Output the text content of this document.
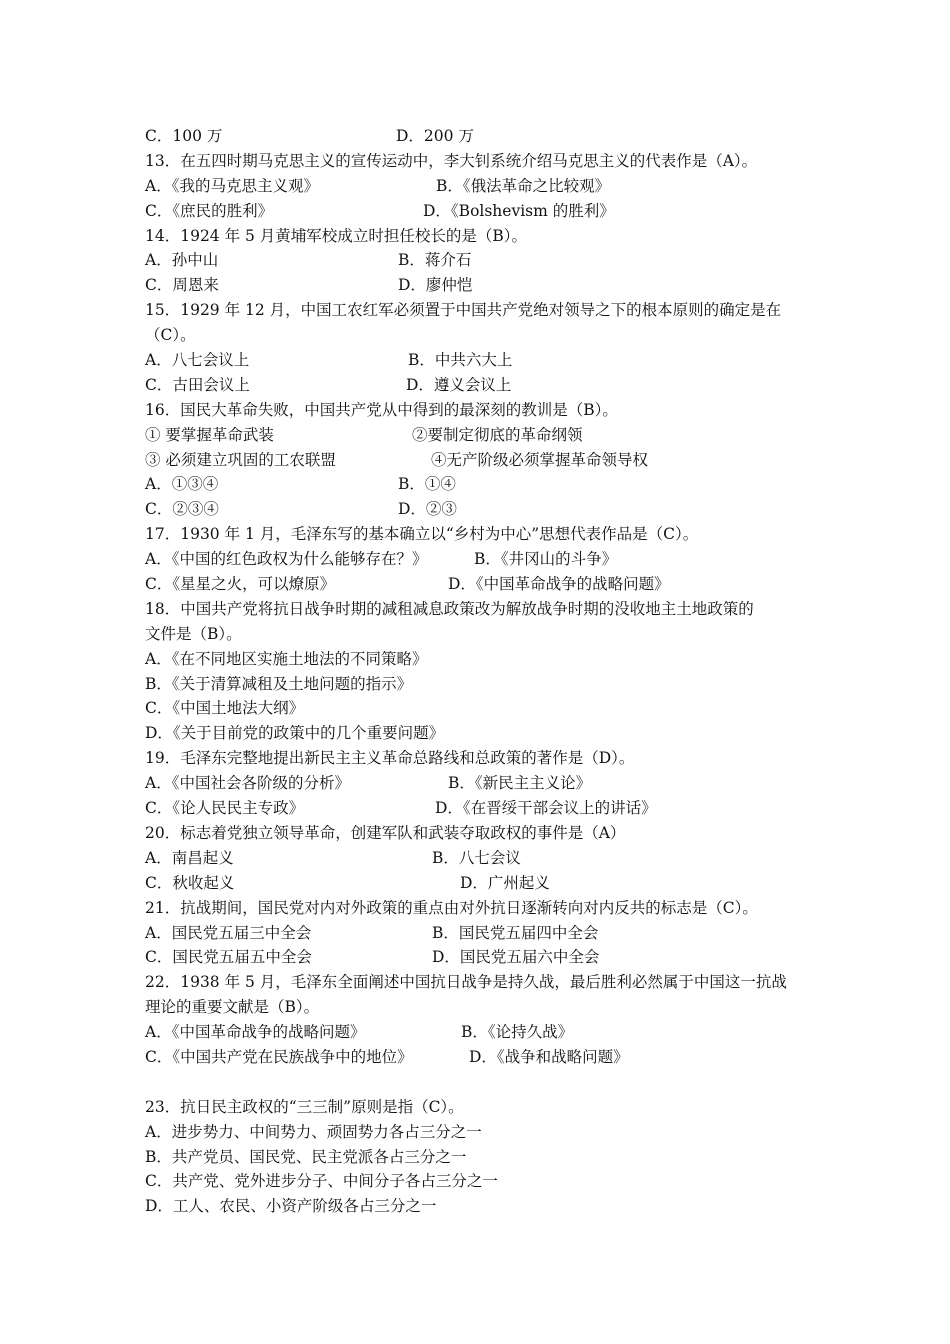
C．100 万	D．200 万
13．在五四时期马克思主义的宣传运动中，李大钊系统介绍马克思主义的代表作是（A）。
A．《我的马克思主义观》	B．《俄法革命之比较观》
C．《庶民的胜利》	D．《Bolshevism 的胜利》
14．1924 年 5 月黄埔军校成立时担任校长的是（B）。
A．孙中山	B．蒋介石
C．周恩来	D．廖仲恺
15．1929 年 12 月，中国工农红军必须置于中国共产党绝对领导之下的根本原则的确定是在
（C）。
A．八七会议上	B．中共六大上
C．古田会议上	D．遵义会议上
16．国民大革命失败，中国共产党从中得到的最深刻的教训是（B）。
① 要掌握革命武装	②要制定彻底的革命纲领
③ 必须建立巩固的工农联盟	④无产阶级必须掌握革命领导权
A．①③④	B．①④
C．②③④	D．②③
17．1930 年 1 月，毛泽东写的基本确立以“乡村为中心”思想代表作品是（C）。
A．《中国的红色政权为什么能够存在？》	B．《井冈山的斗争》
C．《星星之火，可以燎原》	D．《中国革命战争的战略问题》
18．中国共产党将抗日战争时期的减租减息政策改为解放战争时期的没收地主土地政策的
文件是（B）。
A．《在不同地区实施土地法的不同策略》
B．《关于清算减租及土地问题的指示》
C．《中国土地法大纲》
D．《关于目前党的政策中的几个重要问题》
19．毛泽东完整地提出新民主主义革命总路线和总政策的著作是（D）。
A．《中国社会各阶级的分析》	B．《新民主主义论》
C．《论人民民主专政》	D．《在晋绥干部会议上的讲话》
20．标志着党独立领导革命，创建军队和武装夺取政权的事件是（A）
A．南昌起义	B．八七会议
C．秋收起义	D．广州起义
21．抗战期间，国民党对内对外政策的重点由对外抗日逐渐转向对内反共的标志是（C）。
A．国民党五届三中全会	B．国民党五届四中全会
C．国民党五届五中全会	D．国民党五届六中全会
22．1938 年 5 月，毛泽东全面阐述中国抗日战争是持久战，最后胜利必然属于中国这一抗战
理论的重要文献是（B）。
A．《中国革命战争的战略问题》	B．《论持久战》
C．《中国共产党在民族战争中的地位》	D．《战争和战略问题》
23．抗日民主政权的“三三制”原则是指（C）。
A．进步势力、中间势力、顽固势力各占三分之一
B．共产党员、国民党、民主党派各占三分之一
C．共产党、党外进步分子、中间分子各占三分之一
D．工人、农民、小资产阶级各占三分之一
